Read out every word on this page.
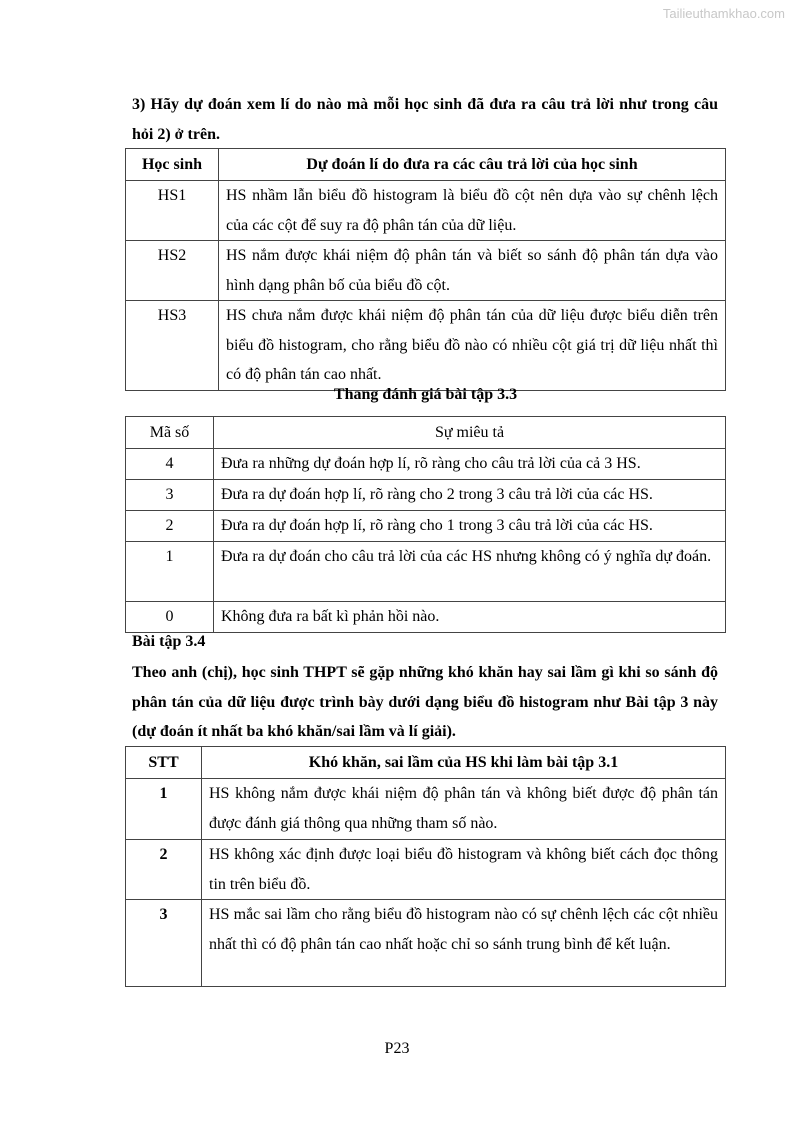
Tailieuthamkhao.com
3) Hãy dự đoán xem lí do nào mà mỗi học sinh đã đưa ra câu trả lời như trong câu hỏi 2) ở trên.
Học sinh	Dự đoán lí do đưa ra các câu trả lời của học sinh
HS1	HS nhầm lẫn biểu đồ histogram là biểu đồ cột nên dựa vào sự chênh lệch của các cột để suy ra độ phân tán của dữ liệu.
HS2	HS nắm được khái niệm độ phân tán và biết so sánh độ phân tán dựa vào hình dạng phân bố của biểu đồ cột.
HS3	HS chưa nắm được khái niệm độ phân tán của dữ liệu được biểu diễn trên biểu đồ histogram, cho rằng biểu đồ nào có nhiều cột giá trị dữ liệu nhất thì có độ phân tán cao nhất.
Thang đánh giá bài tập 3.3
Mã số	Sự miêu tả
4	Đưa ra những dự đoán hợp lí, rõ ràng cho câu trả lời của cả 3 HS.
3	Đưa ra dự đoán hợp lí, rõ ràng cho 2 trong 3 câu trả lời của các HS.
2	Đưa ra dự đoán hợp lí, rõ ràng cho 1 trong 3 câu trả lời của các HS.
1	Đưa ra dự đoán cho câu trả lời của các HS nhưng không có ý nghĩa dự đoán.
0	Không đưa ra bất kì phản hồi nào.
Bài tập 3.4
Theo anh (chị), học sinh THPT sẽ gặp những khó khăn hay sai lầm gì khi so sánh độ phân tán của dữ liệu được trình bày dưới dạng biểu đồ histogram như Bài tập 3 này (dự đoán ít nhất ba khó khăn/sai lầm và lí giải).
STT	Khó khăn, sai lầm của HS khi làm bài tập 3.1
1	HS không nắm được khái niệm độ phân tán và không biết được độ phân tán được đánh giá thông qua những tham số nào.
2	HS không xác định được loại biểu đồ histogram và không biết cách đọc thông tin trên biểu đồ.
3	HS mắc sai lầm cho rằng biểu đồ histogram nào có sự chênh lệch các cột nhiều nhất thì có độ phân tán cao nhất hoặc chỉ so sánh trung bình để kết luận.
P23
